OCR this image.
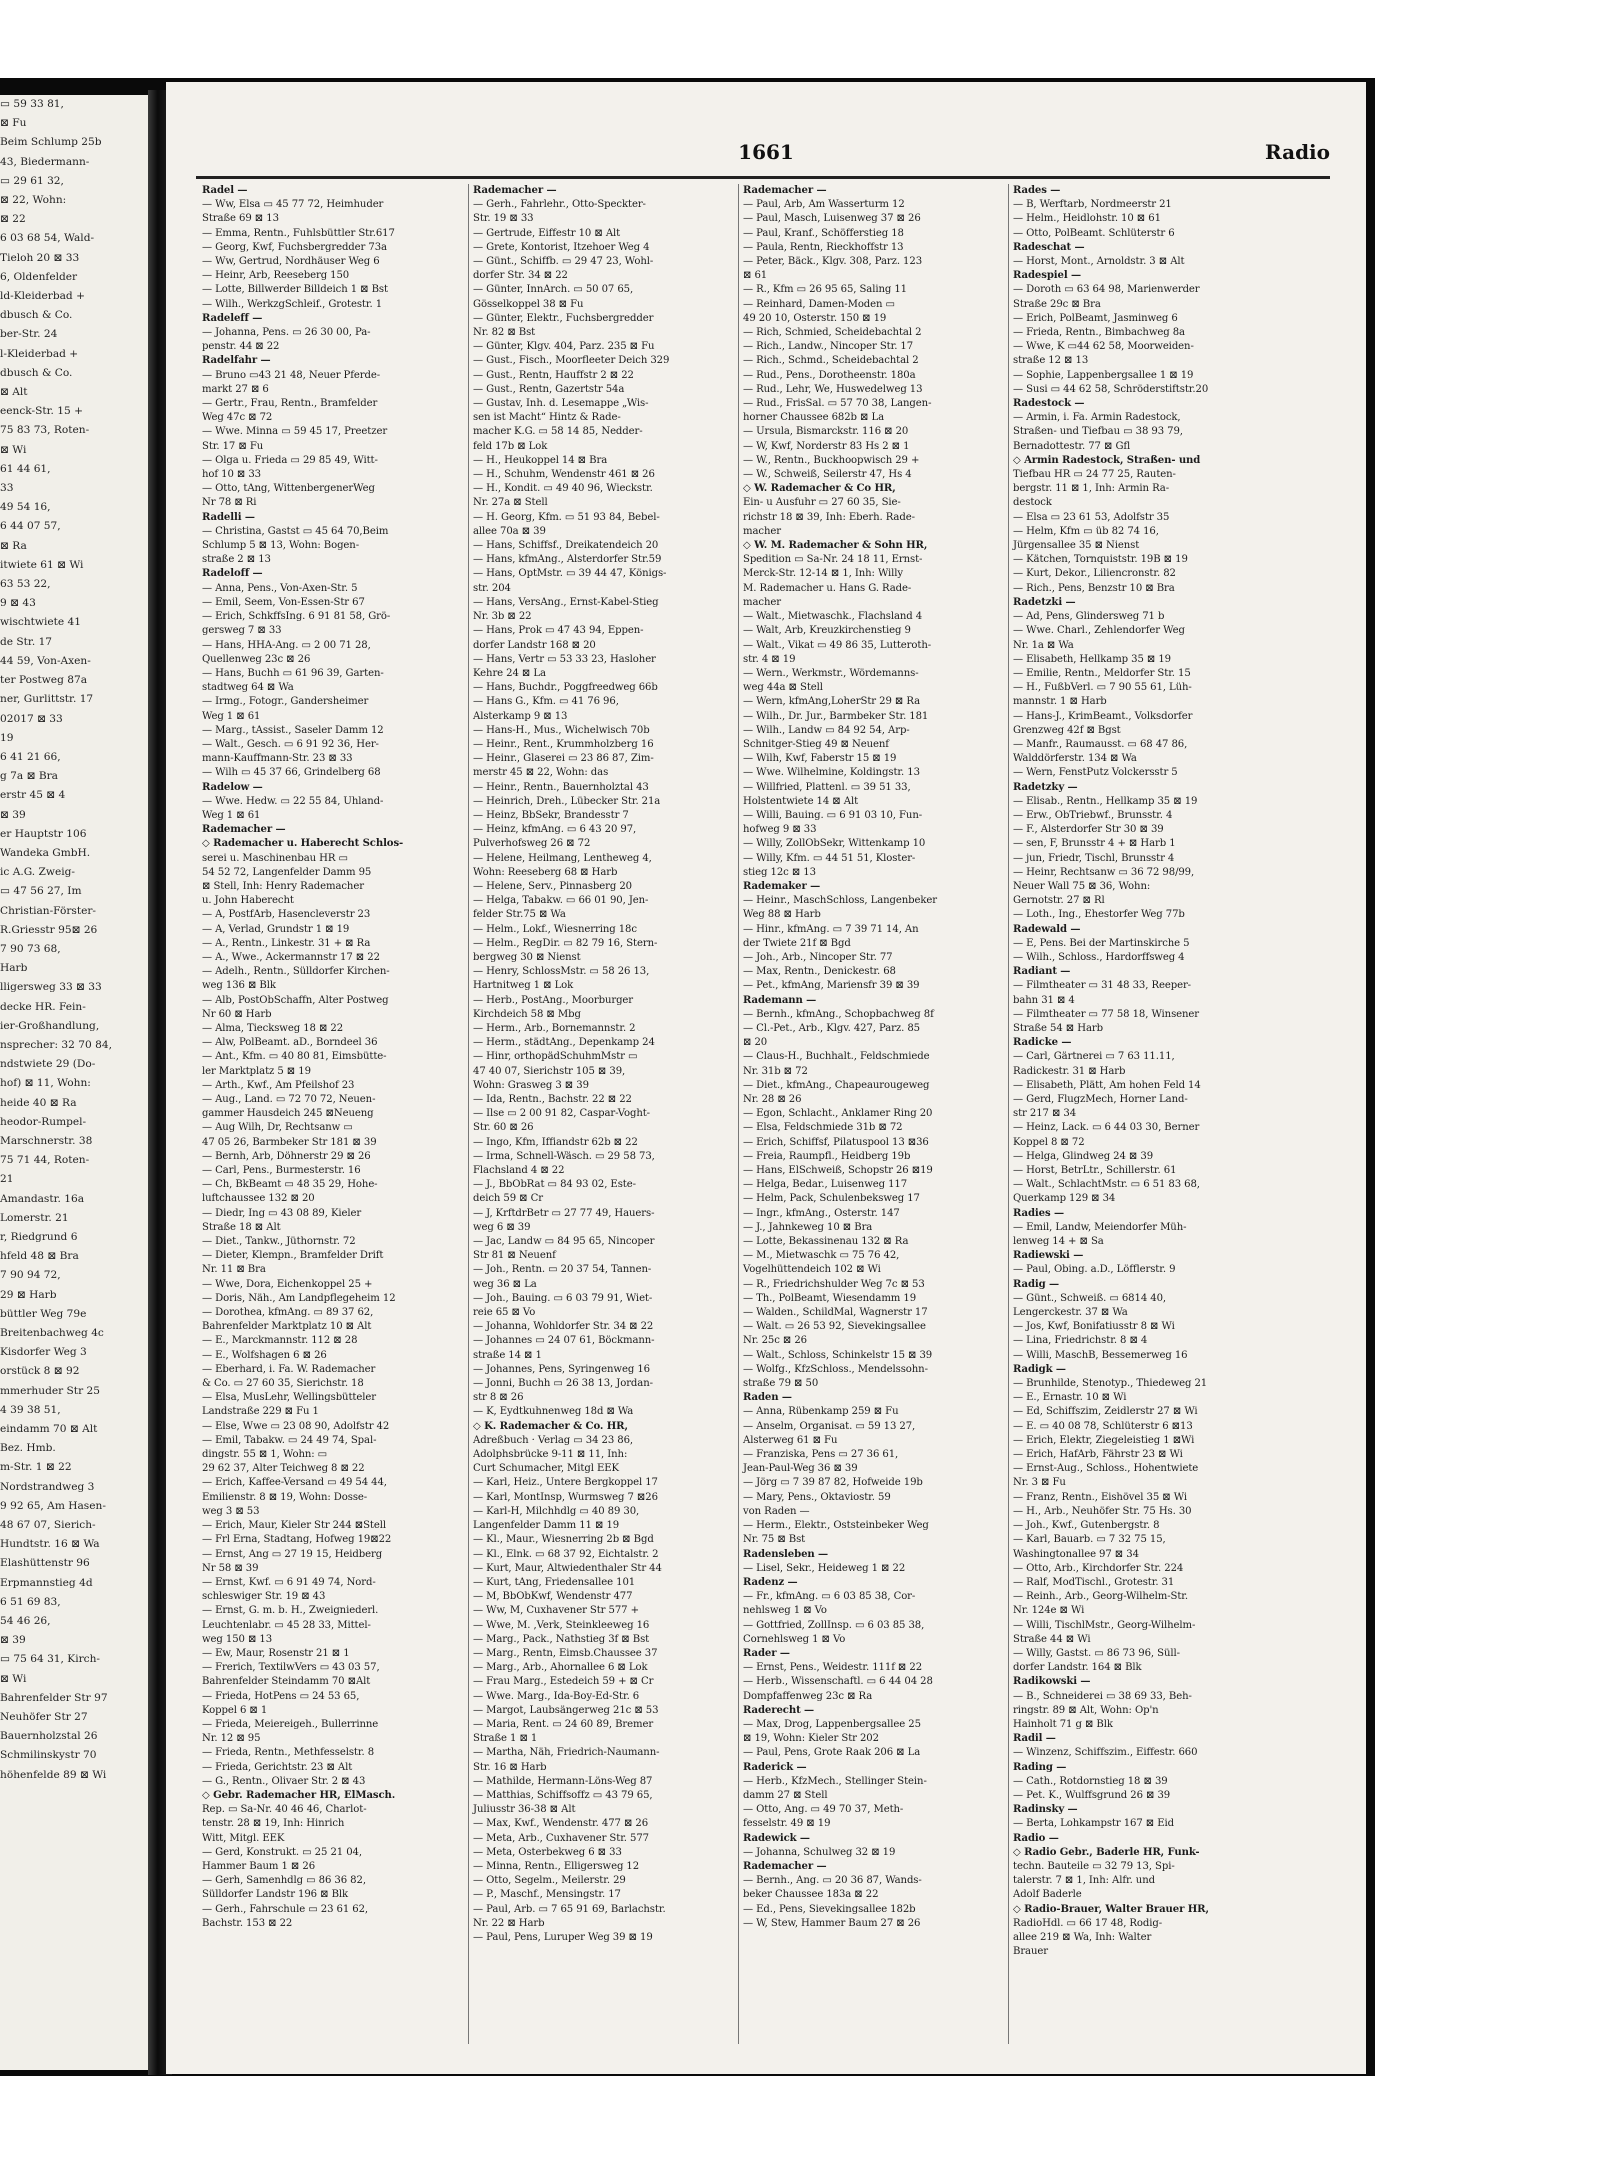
▭ 59 33 81,
⊠ Fu
Beim Schlump 25b
43, Biedermann-
▭ 29 61 32,
⊠ 22, Wohn:
⊠ 22
6 03 68 54, Wald-
Tieloh 20 ⊠ 33
6, Oldenfelder
ld-Kleiderbad +
dbusch & Co.
ber-Str. 24
l-Kleiderbad +
dbusch & Co.
⊠ Alt
eenck-Str. 15 +
75 83 73, Roten-
⊠ Wi
61 44 61,
33
49 54 16,
6 44 07 57,
⊠ Ra
itwiete 61 ⊠ Wi
63 53 22,
9 ⊠ 43
wischtwiete 41
de Str. 17
44 59, Von-Axen-
ter Postweg 87a
ner, Gurlittstr. 17
02017 ⊠ 33
19
6 41 21 66,
g 7a ⊠ Bra
erstr 45 ⊠ 4
⊠ 39
er Hauptstr 106
Wandeka GmbH.
ic A.G. Zweig-
▭ 47 56 27, Im
Christian-Förster-
R.Griesstr 95⊠ 26
7 90 73 68,
Harb
lligersweg 33 ⊠ 33
decke HR. Fein-
ier-Großhandlung,
nsprecher: 32 70 84,
ndstwiete 29 (Do-
hof) ⊠ 11, Wohn:
heide 40 ⊠ Ra
heodor-Rumpel-
Marschnerstr. 38
75 71 44, Roten-
21
Amandastr. 16a
Lomerstr. 21
r, Riedgrund 6
hfeld 48 ⊠ Bra
7 90 94 72,
29 ⊠ Harb
büttler Weg 79e
Breitenbachweg 4c
Kisdorfer Weg 3
orstück 8 ⊠ 92
mmerhuder Str 25
4 39 38 51,
eindamm 70 ⊠ Alt
Bez. Hmb.
m-Str. 1 ⊠ 22
Nordstrandweg 3
9 92 65, Am Hasen-
48 67 07, Sierich-
Hundtstr. 16 ⊠ Wa
Elashüttenstr 96
Erpmannstieg 4d
6 51 69 83,
54 46 26,
⊠ 39
▭ 75 64 31, Kirch-
⊠ Wi
Bahrenfelder Str 97
Neuhöfer Str 27
Bauernholzstal 26
Schmilinskystr 70
höhenfelde 89 ⊠ Wi
1661	Radio
Radel —
— Ww, Elsa ▭ 45 77 72, Heimhuder
Straße 69 ⊠ 13
— Emma, Rentn., Fuhlsbüttler Str.617
— Georg, Kwf, Fuchsbergredder 73a
— Ww, Gertrud, Nordhäuser Weg 6
— Heinr, Arb, Reeseberg 150
— Lotte, Billwerder Billdeich 1 ⊠ Bst
— Wilh., WerkzgSchleif., Grotestr. 1
Radeleff —
— Johanna, Pens. ▭ 26 30 00, Pa-
penstr. 44 ⊠ 22
Radelfahr —
— Bruno ▭43 21 48, Neuer Pferde-
markt 27 ⊠ 6
— Gertr., Frau, Rentn., Bramfelder
Weg 47c ⊠ 72
— Wwe. Minna ▭ 59 45 17, Preetzer
Str. 17 ⊠ Fu
— Olga u. Frieda ▭ 29 85 49, Witt-
hof 10 ⊠ 33
— Otto, tAng, WittenbergenerWeg
Nr 78 ⊠ Ri
Radelli —
— Christina, Gastst ▭ 45 64 70,Beim
Schlump 5 ⊠ 13, Wohn: Bogen-
straße 2 ⊠ 13
Radeloff —
— Anna, Pens., Von-Axen-Str. 5
— Emil, Seem, Von-Essen-Str 67
— Erich, SchkffsIng. 6 91 81 58, Grö-
gersweg 7 ⊠ 33
— Hans, HHA-Ang. ▭ 2 00 71 28,
Quellenweg 23c ⊠ 26
— Hans, Buchh ▭ 61 96 39, Garten-
stadtweg 64 ⊠ Wa
— Irmg., Fotogr., Gandersheimer
Weg 1 ⊠ 61
— Marg., tAssist., Saseler Damm 12
— Walt., Gesch. ▭ 6 91 92 36, Her-
mann-Kauffmann-Str. 23 ⊠ 33
— Wilh ▭ 45 37 66, Grindelberg 68
Radelow —
— Wwe. Hedw. ▭ 22 55 84, Uhland-
Weg 1 ⊠ 61
Rademacher —
◇ Rademacher u. Haberecht Schlos-
serei u. Maschinenbau HR ▭
54 52 72, Langenfelder Damm 95
⊠ Stell, Inh: Henry Rademacher
u. John Haberecht
— A, PostfArb, Hasencleverstr 23
— A, Verlad, Grundstr 1 ⊠ 19
— A., Rentn., Linkestr. 31 + ⊠ Ra
— A., Wwe., Ackermannstr 17 ⊠ 22
— Adelh., Rentn., Sülldorfer Kirchen-
weg 136 ⊠ Blk
— Alb, PostObSchaffn, Alter Postweg
Nr 60 ⊠ Harb
— Alma, Tiecksweg 18 ⊠ 22
— Alw, PolBeamt. aD., Borndeel 36
— Ant., Kfm. ▭ 40 80 81, Eimsbütte-
ler Marktplatz 5 ⊠ 19
— Arth., Kwf., Am Pfeilshof 23
— Aug., Land. ▭ 72 70 72, Neuen-
gammer Hausdeich 245 ⊠Neueng
— Aug Wilh, Dr, Rechtsanw ▭
47 05 26, Barmbeker Str 181 ⊠ 39
— Bernh, Arb, Döhnerstr 29 ⊠ 26
— Carl, Pens., Burmesterstr. 16
— Ch, BkBeamt ▭ 48 35 29, Hohe-
luftchaussee 132 ⊠ 20
— Diedr, Ing ▭ 43 08 89, Kieler
Straße 18 ⊠ Alt
— Diet., Tankw., Jüthornstr. 72
— Dieter, Klempn., Bramfelder Drift
Nr. 11 ⊠ Bra
— Wwe, Dora, Eichenkoppel 25 +
— Doris, Näh., Am Landpflegeheim 12
— Dorothea, kfmAng. ▭ 89 37 62,
Bahrenfelder Marktplatz 10 ⊠ Alt
— E., Marckmannstr. 112 ⊠ 28
— E., Wolfshagen 6 ⊠ 26
— Eberhard, i. Fa. W. Rademacher
& Co. ▭ 27 60 35, Sierichstr. 18
— Elsa, MusLehr, Wellingsbütteler
Landstraße 229 ⊠ Fu 1
— Else, Wwe ▭ 23 08 90, Adolfstr 42
— Emil, Tabakw. ▭ 24 49 74, Spal-
dingstr. 55 ⊠ 1, Wohn: ▭
29 62 37, Alter Teichweg 8 ⊠ 22
— Erich, Kaffee-Versand ▭ 49 54 44,
Emilienstr. 8 ⊠ 19, Wohn: Dosse-
weg 3 ⊠ 53
— Erich, Maur, Kieler Str 244 ⊠Stell
— Frl Erna, Stadtang, Hofweg 19⊠22
— Ernst, Ang ▭ 27 19 15, Heidberg
Nr 58 ⊠ 39
— Ernst, Kwf. ▭ 6 91 49 74, Nord-
schleswiger Str. 19 ⊠ 43
— Ernst, G. m. b. H., Zweigniederl.
Leuchtenlabr. ▭ 45 28 33, Mittel-
weg 150 ⊠ 13
— Ew, Maur, Rosenstr 21 ⊠ 1
— Frerich, TextilwVers ▭ 43 03 57,
Bahrenfelder Steindamm 70 ⊠Alt
— Frieda, HotPens ▭ 24 53 65,
Koppel 6 ⊠ 1
— Frieda, Meiereigeh., Bullerrinne
Nr. 12 ⊠ 95
— Frieda, Rentn., Methfesselstr. 8
— Frieda, Gerichtstr. 23 ⊠ Alt
— G., Rentn., Olivaer Str. 2 ⊠ 43
◇ Gebr. Rademacher HR, ElMasch.
Rep. ▭ Sa-Nr. 40 46 46, Charlot-
tenstr. 28 ⊠ 19, Inh: Hinrich
Witt, Mitgl. EEK
— Gerd, Konstrukt. ▭ 25 21 04,
Hammer Baum 1 ⊠ 26
— Gerh, Samenhdlg ▭ 86 36 82,
Sülldorfer Landstr 196 ⊠ Blk
— Gerh., Fahrschule ▭ 23 61 62,
Bachstr. 153 ⊠ 22
Rademacher —
— Gerh., Fahrlehr., Otto-Speckter-
Str. 19 ⊠ 33
— Gertrude, Eiffestr 10 ⊠ Alt
— Grete, Kontorist, Itzehoer Weg 4
— Günt., Schiffb. ▭ 29 47 23, Wohl-
dorfer Str. 34 ⊠ 22
— Günter, InnArch. ▭ 50 07 65,
Gösselkoppel 38 ⊠ Fu
— Günter, Elektr., Fuchsbergredder
Nr. 82 ⊠ Bst
— Günter, Klgv. 404, Parz. 235 ⊠ Fu
— Gust., Fisch., Moorfleeter Deich 329
— Gust., Rentn, Hauffstr 2 ⊠ 22
— Gust., Rentn, Gazertstr 54a
— Gustav, Inh. d. Lesemappe „Wis-
sen ist Macht“ Hintz & Rade-
macher K.G. ▭ 58 14 85, Nedder-
feld 17b ⊠ Lok
— H., Heukoppel 14 ⊠ Bra
— H., Schuhm, Wendenstr 461 ⊠ 26
— H., Kondit. ▭ 49 40 96, Wieckstr.
Nr. 27a ⊠ Stell
— H. Georg, Kfm. ▭ 51 93 84, Bebel-
allee 70a ⊠ 39
— Hans, Schiffsf., Dreikatendeich 20
— Hans, kfmAng., Alsterdorfer Str.59
— Hans, OptMstr. ▭ 39 44 47, Königs-
str. 204
— Hans, VersAng., Ernst-Kabel-Stieg
Nr. 3b ⊠ 22
— Hans, Prok ▭ 47 43 94, Eppen-
dorfer Landstr 168 ⊠ 20
— Hans, Vertr ▭ 53 33 23, Hasloher
Kehre 24 ⊠ La
— Hans, Buchdr., Poggfreedweg 66b
— Hans G., Kfm. ▭ 41 76 96,
Alsterkamp 9 ⊠ 13
— Hans-H., Mus., Wichelwisch 70b
— Heinr., Rent., Krummholzberg 16
— Heinr., Glaserei ▭ 23 86 87, Zim-
merstr 45 ⊠ 22, Wohn: das
— Heinr., Rentn., Bauernholztal 43
— Heinrich, Dreh., Lübecker Str. 21a
— Heinz, BbSekr, Brandesstr 7
— Heinz, kfmAng. ▭ 6 43 20 97,
Pulverhofsweg 26 ⊠ 72
— Helene, Heilmang, Lentheweg 4,
Wohn: Reeseberg 68 ⊠ Harb
— Helene, Serv., Pinnasberg 20
— Helga, Tabakw. ▭ 66 01 90, Jen-
felder Str.75 ⊠ Wa
— Helm., Lokf., Wiesnerring 18c
— Helm., RegDir. ▭ 82 79 16, Stern-
bergweg 30 ⊠ Nienst
— Henry, SchlossMstr. ▭ 58 26 13,
Hartnitweg 1 ⊠ Lok
— Herb., PostAng., Moorburger
Kirchdeich 58 ⊠ Mbg
— Herm., Arb., Bornemannstr. 2
— Herm., städtAng., Depenkamp 24
— Hinr, orthopädSchuhmMstr ▭
47 40 07, Sierichstr 105 ⊠ 39,
Wohn: Grasweg 3 ⊠ 39
— Ida, Rentn., Bachstr. 22 ⊠ 22
— Ilse ▭ 2 00 91 82, Caspar-Voght-
Str. 60 ⊠ 26
— Ingo, Kfm, Iffiandstr 62b ⊠ 22
— Irma, Schnell-Wäsch. ▭ 29 58 73,
Flachsland 4 ⊠ 22
— J., BbObRat ▭ 84 93 02, Este-
deich 59 ⊠ Cr
— J, KrftdrBetr ▭ 27 77 49, Hauers-
weg 6 ⊠ 39
— Jac, Landw ▭ 84 95 65, Nincoper
Str 81 ⊠ Neuenf
— Joh., Rentn. ▭ 20 37 54, Tannen-
weg 36 ⊠ La
— Joh., Bauing. ▭ 6 03 79 91, Wiet-
reie 65 ⊠ Vo
— Johanna, Wohldorfer Str. 34 ⊠ 22
— Johannes ▭ 24 07 61, Böckmann-
straße 14 ⊠ 1
— Johannes, Pens, Syringenweg 16
— Jonni, Buchh ▭ 26 38 13, Jordan-
str 8 ⊠ 26
— K, Eydtkuhnenweg 18d ⊠ Wa
◇ K. Rademacher & Co. HR,
Adreßbuch · Verlag ▭ 34 23 86,
Adolphsbrücke 9-11 ⊠ 11, Inh:
Curt Schumacher, Mitgl EEK
— Karl, Heiz., Untere Bergkoppel 17
— Karl, MontInsp, Wurmsweg 7 ⊠26
— Karl-H, Milchhdlg ▭ 40 89 30,
Langenfelder Damm 11 ⊠ 19
— Kl., Maur., Wiesnerring 2b ⊠ Bgd
— Kl., Elnk. ▭ 68 37 92, Eichtalstr. 2
— Kurt, Maur, Altwiedenthaler Str 44
— Kurt, tAng, Friedensallee 101
— M, BbObKwf, Wendenstr 477
— Ww, M, Cuxhavener Str 577 +
— Wwe, M. ,Verk, Steinkleeweg 16
— Marg., Pack., Nathstieg 3f ⊠ Bst
— Marg., Rentn, Eimsb.Chaussee 37
— Marg., Arb., Ahornallee 6 ⊠ Lok
— Frau Marg., Estedeich 59 + ⊠ Cr
— Wwe. Marg., Ida-Boy-Ed-Str. 6
— Margot, Laubsängerweg 21c ⊠ 53
— Maria, Rent. ▭ 24 60 89, Bremer
Straße 1 ⊠ 1
— Martha, Näh, Friedrich-Naumann-
Str. 16 ⊠ Harb
— Mathilde, Hermann-Löns-Weg 87
— Matthias, Schiffsoffz ▭ 43 79 65,
Juliusstr 36-38 ⊠ Alt
— Max, Kwf., Wendenstr. 477 ⊠ 26
— Meta, Arb., Cuxhavener Str. 577
— Meta, Osterbekweg 6 ⊠ 33
— Minna, Rentn., Elligersweg 12
— Otto, Segelm., Meilerstr. 29
— P., Maschf., Mensingstr. 17
— Paul, Arb. ▭ 7 65 91 69, Barlachstr.
Nr. 22 ⊠ Harb
— Paul, Pens, Luruper Weg 39 ⊠ 19
Rademacher —
— Paul, Arb, Am Wasserturm 12
— Paul, Masch, Luisenweg 37 ⊠ 26
— Paul, Kranf., Schöfferstieg 18
— Paula, Rentn, Rieckhoffstr 13
— Peter, Bäck., Klgv. 308, Parz. 123
⊠ 61
— R., Kfm ▭ 26 95 65, Saling 11
— Reinhard, Damen-Moden ▭
49 20 10, Osterstr. 150 ⊠ 19
— Rich, Schmied, Scheidebachtal 2
— Rich., Landw., Nincoper Str. 17
— Rich., Schmd., Scheidebachtal 2
— Rud., Pens., Dorotheenstr. 180a
— Rud., Lehr, We, Huswedelweg 13
— Rud., FrisSal. ▭ 57 70 38, Langen-
horner Chaussee 682b ⊠ La
— Ursula, Bismarckstr. 116 ⊠ 20
— W, Kwf, Norderstr 83 Hs 2 ⊠ 1
— W., Rentn., Buckhoopwisch 29 +
— W., Schweiß, Seilerstr 47, Hs 4
◇ W. Rademacher & Co HR,
Ein- u Ausfuhr ▭ 27 60 35, Sie-
richstr 18 ⊠ 39, Inh: Eberh. Rade-
macher
◇ W. M. Rademacher & Sohn HR,
Spedition ▭ Sa-Nr. 24 18 11, Ernst-
Merck-Str. 12-14 ⊠ 1, Inh: Willy
M. Rademacher u. Hans G. Rade-
macher
— Walt., Mietwaschk., Flachsland 4
— Walt, Arb, Kreuzkirchenstieg 9
— Walt., Vikat ▭ 49 86 35, Lutteroth-
str. 4 ⊠ 19
— Wern., Werkmstr., Wördemanns-
weg 44a ⊠ Stell
— Wern, kfmAng,LoherStr 29 ⊠ Ra
— Wilh., Dr. Jur., Barmbeker Str. 181
— Wilh., Landw ▭ 84 92 54, Arp-
Schnitger-Stieg 49 ⊠ Neuenf
— Wilh, Kwf, Faberstr 15 ⊠ 19
— Wwe. Wilhelmine, Koldingstr. 13
— Willfried, Plattenl. ▭ 39 51 33,
Holstentwiete 14 ⊠ Alt
— Willi, Bauing. ▭ 6 91 03 10, Fun-
hofweg 9 ⊠ 33
— Willy, ZollObSekr, Wittenkamp 10
— Willy, Kfm. ▭ 44 51 51, Kloster-
stieg 12c ⊠ 13
Rademaker —
— Heinr., MaschSchloss, Langenbeker
Weg 88 ⊠ Harb
— Hinr., kfmAng. ▭ 7 39 71 14, An
der Twiete 21f ⊠ Bgd
— Joh., Arb., Nincoper Str. 77
— Max, Rentn., Denickestr. 68
— Pet., kfmAng, Mariensfr 39 ⊠ 39
Rademann —
— Bernh., kfmAng., Schopbachweg 8f
— Cl.-Pet., Arb., Klgv. 427, Parz. 85
⊠ 20
— Claus-H., Buchhalt., Feldschmiede
Nr. 31b ⊠ 72
— Diet., kfmAng., Chapeaurougeweg
Nr. 28 ⊠ 26
— Egon, Schlacht., Anklamer Ring 20
— Elsa, Feldschmiede 31b ⊠ 72
— Erich, Schiffsf, Pilatuspool 13 ⊠36
— Freia, Raumpfl., Heidberg 19b
— Hans, ElSchweiß, Schopstr 26 ⊠19
— Helga, Bedar., Luisenweg 117
— Helm, Pack, Schulenbeksweg 17
— Ingr., kfmAng., Osterstr. 147
— J., Jahnkeweg 10 ⊠ Bra
— Lotte, Bekassinenau 132 ⊠ Ra
— M., Mietwaschk ▭ 75 76 42,
Vogelhüttendeich 102 ⊠ Wi
— R., Friedrichshulder Weg 7c ⊠ 53
— Th., PolBeamt, Wiesendamm 19
— Walden., SchildMal, Wagnerstr 17
— Walt. ▭ 26 53 92, Sievekingsallee
Nr. 25c ⊠ 26
— Walt., Schloss, Schinkelstr 15 ⊠ 39
— Wolfg., KfzSchloss., Mendelssohn-
straße 79 ⊠ 50
Raden —
— Anna, Rübenkamp 259 ⊠ Fu
— Anselm, Organisat. ▭ 59 13 27,
Alsterweg 61 ⊠ Fu
— Franziska, Pens ▭ 27 36 61,
Jean-Paul-Weg 36 ⊠ 39
— Jörg ▭ 7 39 87 82, Hofweide 19b
— Mary, Pens., Oktaviostr. 59
von Raden —
— Herm., Elektr., Oststeinbeker Weg
Nr. 75 ⊠ Bst
Radensleben —
— Lisel, Sekr., Heideweg 1 ⊠ 22
Radenz —
— Fr., kfmAng. ▭ 6 03 85 38, Cor-
nehlsweg 1 ⊠ Vo
— Gottfried, ZollInsp. ▭ 6 03 85 38,
Cornehlsweg 1 ⊠ Vo
Rader —
— Ernst, Pens., Weidestr. 111f ⊠ 22
— Herb., Wissenschaftl. ▭ 6 44 04 28
Dompfaffenweg 23c ⊠ Ra
Raderecht —
— Max, Drog, Lappenbergsallee 25
⊠ 19, Wohn: Kieler Str 202
— Paul, Pens, Grote Raak 206 ⊠ La
Raderick —
— Herb., KfzMech., Stellinger Stein-
damm 27 ⊠ Stell
— Otto, Ang. ▭ 49 70 37, Meth-
fesselstr. 49 ⊠ 19
Radewick —
— Johanna, Schulweg 32 ⊠ 19
Rademacher —
— Bernh., Ang. ▭ 20 36 87, Wands-
beker Chaussee 183a ⊠ 22
— Ed., Pens, Sievekingsallee 182b
— W, Stew, Hammer Baum 27 ⊠ 26
Rades —
— B, Werftarb, Nordmeerstr 21
— Helm., Heidlohstr. 10 ⊠ 61
— Otto, PolBeamt. Schlüterstr 6
Radeschat —
— Horst, Mont., Arnoldstr. 3 ⊠ Alt
Radespiel —
— Doroth ▭ 63 64 98, Marienwerder
Straße 29c ⊠ Bra
— Erich, PolBeamt, Jasminweg 6
— Frieda, Rentn., Bimbachweg 8a
— Wwe, K ▭44 62 58, Moorweiden-
straße 12 ⊠ 13
— Sophie, Lappenbergsallee 1 ⊠ 19
— Susi ▭ 44 62 58, Schröderstiftstr.20
Radestock —
— Armin, i. Fa. Armin Radestock,
Straßen- und Tiefbau ▭ 38 93 79,
Bernadottestr. 77 ⊠ Gfl
◇ Armin Radestock, Straßen- und
Tiefbau HR ▭ 24 77 25, Rauten-
bergstr. 11 ⊠ 1, Inh: Armin Ra-
destock
— Elsa ▭ 23 61 53, Adolfstr 35
— Helm, Kfm ▭ üb 82 74 16,
Jürgensallee 35 ⊠ Nienst
— Kätchen, Tornquiststr. 19B ⊠ 19
— Kurt, Dekor., Liliencronstr. 82
— Rich., Pens, Benzstr 10 ⊠ Bra
Radetzki —
— Ad, Pens, Glindersweg 71 b
— Wwe. Charl., Zehlendorfer Weg
Nr. 1a ⊠ Wa
— Elisabeth, Hellkamp 35 ⊠ 19
— Emilie, Rentn., Meldorfer Str. 15
— H., FußbVerl. ▭ 7 90 55 61, Lüh-
mannstr. 1 ⊠ Harb
— Hans-J., KrimBeamt., Volksdorfer
Grenzweg 42f ⊠ Bgst
— Manfr., Raumausst. ▭ 68 47 86,
Walddörferstr. 134 ⊠ Wa
— Wern, FenstPutz Volckersstr 5
Radetzky —
— Elisab., Rentn., Hellkamp 35 ⊠ 19
— Erw., ObTriebwf., Brunsstr. 4
— F., Alsterdorfer Str 30 ⊠ 39
— sen, F, Brunsstr 4 + ⊠ Harb 1
— jun, Friedr, Tischl, Brunsstr 4
— Heinr, Rechtsanw ▭ 36 72 98/99,
Neuer Wall 75 ⊠ 36, Wohn:
Gernotstr. 27 ⊠ Rl
— Loth., Ing., Ehestorfer Weg 77b
Radewald —
— E, Pens. Bei der Martinskirche 5
— Wilh., Schloss., Hardorffsweg 4
Radiant —
— Filmtheater ▭ 31 48 33, Reeper-
bahn 31 ⊠ 4
— Filmtheater ▭ 77 58 18, Winsener
Straße 54 ⊠ Harb
Radicke —
— Carl, Gärtnerei ▭ 7 63 11.11,
Radickestr. 31 ⊠ Harb
— Elisabeth, Plätt, Am hohen Feld 14
— Gerd, FlugzMech, Horner Land-
str 217 ⊠ 34
— Heinz, Lack. ▭ 6 44 03 30, Berner
Koppel 8 ⊠ 72
— Helga, Glindweg 24 ⊠ 39
— Horst, BetrLtr., Schillerstr. 61
— Walt., SchlachtMstr. ▭ 6 51 83 68,
Querkamp 129 ⊠ 34
Radies —
— Emil, Landw, Meiendorfer Müh-
lenweg 14 + ⊠ Sa
Radiewski —
— Paul, Obing. a.D., Löfflerstr. 9
Radig —
— Günt., Schweiß. ▭ 6814 40,
Lengerckestr. 37 ⊠ Wa
— Jos, Kwf, Bonifatiusstr 8 ⊠ Wi
— Lina, Friedrichstr. 8 ⊠ 4
— Willi, MaschB, Bessemerweg 16
Radigk —
— Brunhilde, Stenotyp., Thiedeweg 21
— E., Ernastr. 10 ⊠ Wi
— Ed, Schiffszim, Zeidlerstr 27 ⊠ Wi
— E. ▭ 40 08 78, Schlüterstr 6 ⊠13
— Erich, Elektr, Ziegeleistieg 1 ⊠Wi
— Erich, HafArb, Fährstr 23 ⊠ Wi
— Ernst-Aug., Schloss., Hohentwiete
Nr. 3 ⊠ Fu
— Franz, Rentn., Eishövel 35 ⊠ Wi
— H., Arb., Neuhöfer Str. 75 Hs. 30
— Joh., Kwf., Gutenbergstr. 8
— Karl, Bauarb. ▭ 7 32 75 15,
Washingtonallee 97 ⊠ 34
— Otto, Arb., Kirchdorfer Str. 224
— Ralf, ModTischl., Grotestr. 31
— Reinh., Arb., Georg-Wilhelm-Str.
Nr. 124e ⊠ Wi
— Willi, TischlMstr., Georg-Wilhelm-
Straße 44 ⊠ Wi
— Willy, Gastst. ▭ 86 73 96, Süll-
dorfer Landstr. 164 ⊠ Blk
Radikowski —
— B., Schneiderei ▭ 38 69 33, Beh-
ringstr. 89 ⊠ Alt, Wohn: Op'n
Hainholt 71 g ⊠ Blk
Radil —
— Winzenz, Schiffszim., Eiffestr. 660
Rading —
— Cath., Rotdornstieg 18 ⊠ 39
— Pet. K., Wulffsgrund 26 ⊠ 39
Radinsky —
— Berta, Lohkampstr 167 ⊠ Eid
Radio —
◇ Radio Gebr., Baderle HR, Funk-
techn. Bauteile ▭ 32 79 13, Spi-
talerstr. 7 ⊠ 1, Inh: Alfr. und
Adolf Baderle
◇ Radio-Brauer, Walter Brauer HR,
RadioHdl. ▭ 66 17 48, Rodig-
allee 219 ⊠ Wa, Inh: Walter
Brauer
